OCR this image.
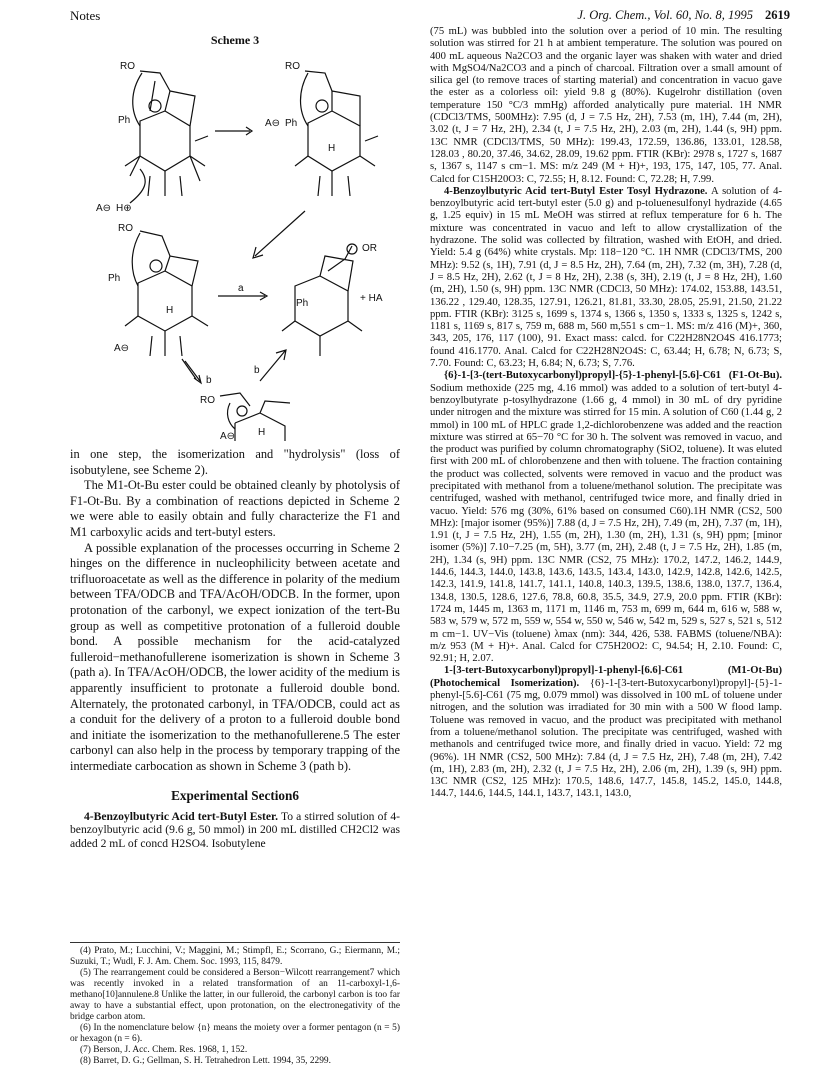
Notes	J. Org. Chem., Vol. 60, No. 8, 1995 2619
Scheme 3
RO
Ph
A⊖ H⊕
RO
A⊖ Ph
H
RO
Ph
H
A⊖
a
Ph
OR
+ HA
b
b
RO
A⊖ H

in one step, the isomerization and "hydrolysis" (loss of isobutylene, see Scheme 2).

The M1-Ot-Bu ester could be obtained cleanly by photolysis of F1-Ot-Bu. By a combination of reactions depicted in Scheme 2 we were able to easily obtain and fully characterize the F1 and M1 carboxylic acids and tert-butyl esters.

A possible explanation of the processes occurring in Scheme 2 hinges on the difference in nucleophilicity between acetate and trifluoroacetate as well as the difference in polarity of the medium between TFA/ODCB and TFA/AcOH/ODCB. In the former, upon protonation of the carbonyl, we expect ionization of the tert-Bu group as well as competitive protonation of a fulleroid double bond. A possible mechanism for the acid-catalyzed fulleroid−methanofullerene isomerization is shown in Scheme 3 (path a). In TFA/AcOH/ODCB, the lower acidity of the medium is apparently insufficient to protonate a fulleroid double bond. Alternately, the protonated carbonyl, in TFA/ODCB, could act as a conduit for the delivery of a proton to a fulleroid double bond and initiate the isomerization to the methanofullerene.5 The ester carbonyl can also help in the process by temporary trapping of the intermediate carbocation as shown in Scheme 3 (path b).

Experimental Section6

4-Benzoylbutyric Acid tert-Butyl Ester. To a stirred solution of 4-benzoylbutyric acid (9.6 g, 50 mmol) in 200 mL distilled CH2Cl2 was added 2 mL of concd H2SO4. Isobutylene

(4) Prato, M.; Lucchini, V.; Maggini, M.; Stimpfl, E.; Scorrano, G.; Eiermann, M.; Suzuki, T.; Wudl, F. J. Am. Chem. Soc. 1993, 115, 8479.

(5) The rearrangement could be considered a Berson−Wilcott rearrangement7 which was recently invoked in a related transformation of an 11-carboxyl-1,6-methano[10]annulene.8 Unlike the latter, in our fulleroid, the carbonyl carbon is too far away to have a substantial effect, upon protonation, on the electronegativity of the bridge carbon atom.

(6) In the nomenclature below {n} means the moiety over a former pentagon (n = 5) or hexagon (n = 6).

(7) Berson, J. Acc. Chem. Res. 1968, 1, 152.

(8) Barret, D. G.; Gellman, S. H. Tetrahedron Lett. 1994, 35, 2299.

(75 mL) was bubbled into the solution over a period of 10 min. The resulting solution was stirred for 21 h at ambient temperature. The solution was poured on 400 mL aqueous Na2CO3 and the organic layer was shaken with water and dried with MgSO4/Na2CO3 and a pinch of charcoal. Filtration over a small amount of silica gel (to remove traces of starting material) and concentration in vacuo gave the ester as a colorless oil: yield 9.8 g (80%). Kugelrohr distillation (oven temperature 150 °C/3 mmHg) afforded analytically pure material. 1H NMR (CDCl3/TMS, 500MHz): 7.95 (d, J = 7.5 Hz, 2H), 7.53 (m, 1H), 7.44 (m, 2H), 3.02 (t, J = 7 Hz, 2H), 2.34 (t, J = 7.5 Hz, 2H), 2.03 (m, 2H), 1.44 (s, 9H) ppm. 13C NMR (CDCl3/TMS, 50 MHz): 199.43, 172.59, 136.86, 133.01, 128.58, 128.03 , 80.20, 37.46, 34.62, 28.09, 19.62 ppm. FTIR (KBr): 2978 s, 1727 s, 1687 s, 1367 s, 1147 s cm−1. MS: m/z 249 (M + H)+, 193, 175, 147, 105, 77. Anal. Calcd for C15H20O3: C, 72.55; H, 8.12. Found: C, 72.28; H, 7.99.

4-Benzoylbutyric Acid tert-Butyl Ester Tosyl Hydrazone. A solution of 4-benzoylbutyric acid tert-butyl ester (5.0 g) and p-toluenesulfonyl hydrazide (4.65 g, 1.25 equiv) in 15 mL MeOH was stirred at reflux temperature for 6 h. The mixture was concentrated in vacuo and left to allow crystallization of the hydrazone. The solid was collected by filtration, washed with EtOH, and dried. Yield: 5.4 g (64%) white crystals. Mp: 118−120 °C. 1H NMR (CDCl3/TMS, 200 MHz): 9.52 (s, 1H), 7.91 (d, J = 8.5 Hz, 2H), 7.64 (m, 2H), 7.32 (m, 3H), 7.28 (d, J = 8.5 Hz, 2H), 2.62 (t, J = 8 Hz, 2H), 2.38 (s, 3H), 2.19 (t, J = 8 Hz, 2H), 1.60 (m, 2H), 1.50 (s, 9H) ppm. 13C NMR (CDCl3, 50 MHz): 174.02, 153.88, 143.51, 136.22 , 129.40, 128.35, 127.91, 126.21, 81.81, 33.30, 28.05, 25.91, 21.50, 21.22 ppm. FTIR (KBr): 3125 s, 1699 s, 1374 s, 1366 s, 1350 s, 1333 s, 1325 s, 1242 s, 1181 s, 1169 s, 817 s, 759 m, 688 m, 560 m,551 s cm−1. MS: m/z 416 (M)+, 360, 343, 205, 176, 117 (100), 91. Exact mass: calcd. for C22H28N2O4S 416.1773; found 416.1770. Anal. Calcd for C22H28N2O4S: C, 63.44; H, 6.78; N, 6.73; S, 7.70. Found: C, 63.23; H, 6.84; N, 6.73; S, 7.76.

{6}-1-[3-(tert-Butoxycarbonyl)propyl]-{5}-1-phenyl-[5.6]-C61 (F1-Ot-Bu). Sodium methoxide (225 mg, 4.16 mmol) was added to a solution of tert-butyl 4-benzoylbutyrate p-tosylhydrazone (1.66 g, 4 mmol) in 30 mL of dry pyridine under nitrogen and the mixture was stirred for 15 min. A solution of C60 (1.44 g, 2 mmol) in 100 mL of HPLC grade 1,2-dichlorobenzene was added and the reaction mixture was stirred at 65−70 °C for 30 h. The solvent was removed in vacuo, and the product was purified by column chromatography (SiO2, toluene). It was eluted first with 200 mL of chlorobenzene and then with toluene. The fraction containing the product was collected, solvents were removed in vacuo and the product was precipitated with methanol from a toluene/methanol solution. The precipitate was centrifuged, washed with methanol, centrifuged twice more, and finally dried in vacuo. Yield: 576 mg (30%, 61% based on consumed C60).1H NMR (CS2, 500 MHz): [major isomer (95%)] 7.88 (d, J = 7.5 Hz, 2H), 7.49 (m, 2H), 7.37 (m, 1H), 1.91 (t, J = 7.5 Hz, 2H), 1.55 (m, 2H), 1.30 (m, 2H), 1.31 (s, 9H) ppm; [minor isomer (5%)] 7.10−7.25 (m, 5H), 3.77 (m, 2H), 2.48 (t, J = 7.5 Hz, 2H), 1.85 (m, 2H), 1.34 (s, 9H) ppm. 13C NMR (CS2, 75 MHz): 170.2, 147.2, 146.2, 144.9, 144.6, 144.3, 144.0, 143.8, 143.6, 143.5, 143.4, 143.0, 142.9, 142.8, 142.6, 142.5, 142.3, 141.9, 141.8, 141.7, 141.1, 140.8, 140.3, 139.5, 138.6, 138.0, 137.7, 136.4, 134.8, 130.5, 128.6, 127.6, 78.8, 60.8, 35.5, 34.9, 27.9, 20.0 ppm. FTIR (KBr): 1724 m, 1445 m, 1363 m, 1171 m, 1146 m, 753 m, 699 m, 644 m, 616 w, 588 w, 583 w, 579 w, 572 m, 559 w, 554 w, 550 w, 546 w, 542 m, 529 s, 527 s, 521 s, 512 m cm−1. UV−Vis (toluene) λmax (nm): 344, 426, 538. FABMS (toluene/NBA): m/z 953 (M + H)+. Anal. Calcd for C75H20O2: C, 94.54; H, 2.10. Found: C, 92.91; H, 2.07.

1-[3-tert-Butoxycarbonyl)propyl]-1-phenyl-[6.6]-C61 (M1-Ot-Bu)(Photochemical Isomerization). {6}-1-[3-tert-Butoxycarbonyl)propyl]-{5}-1-phenyl-[5.6]-C61 (75 mg, 0.079 mmol) was dissolved in 100 mL of toluene under nitrogen, and the solution was irradiated for 30 min with a 500 W flood lamp. Toluene was removed in vacuo, and the product was precipitated with methanol from a toluene/methanol solution. The precipitate was centrifuged, washed with methanols and centrifuged twice more, and finally dried in vacuo. Yield: 72 mg (96%). 1H NMR (CS2, 500 MHz): 7.84 (d, J = 7.5 Hz, 2H), 7.48 (m, 2H), 7.42 (m, 1H), 2.83 (m, 2H), 2.32 (t, J = 7.5 Hz, 2H), 2.06 (m, 2H), 1.39 (s, 9H) ppm. 13C NMR (CS2, 125 MHz): 170.5, 148.6, 147.7, 145.8, 145.2, 145.0, 144.8, 144.7, 144.6, 144.5, 144.1, 143.7, 143.1, 143.0,
